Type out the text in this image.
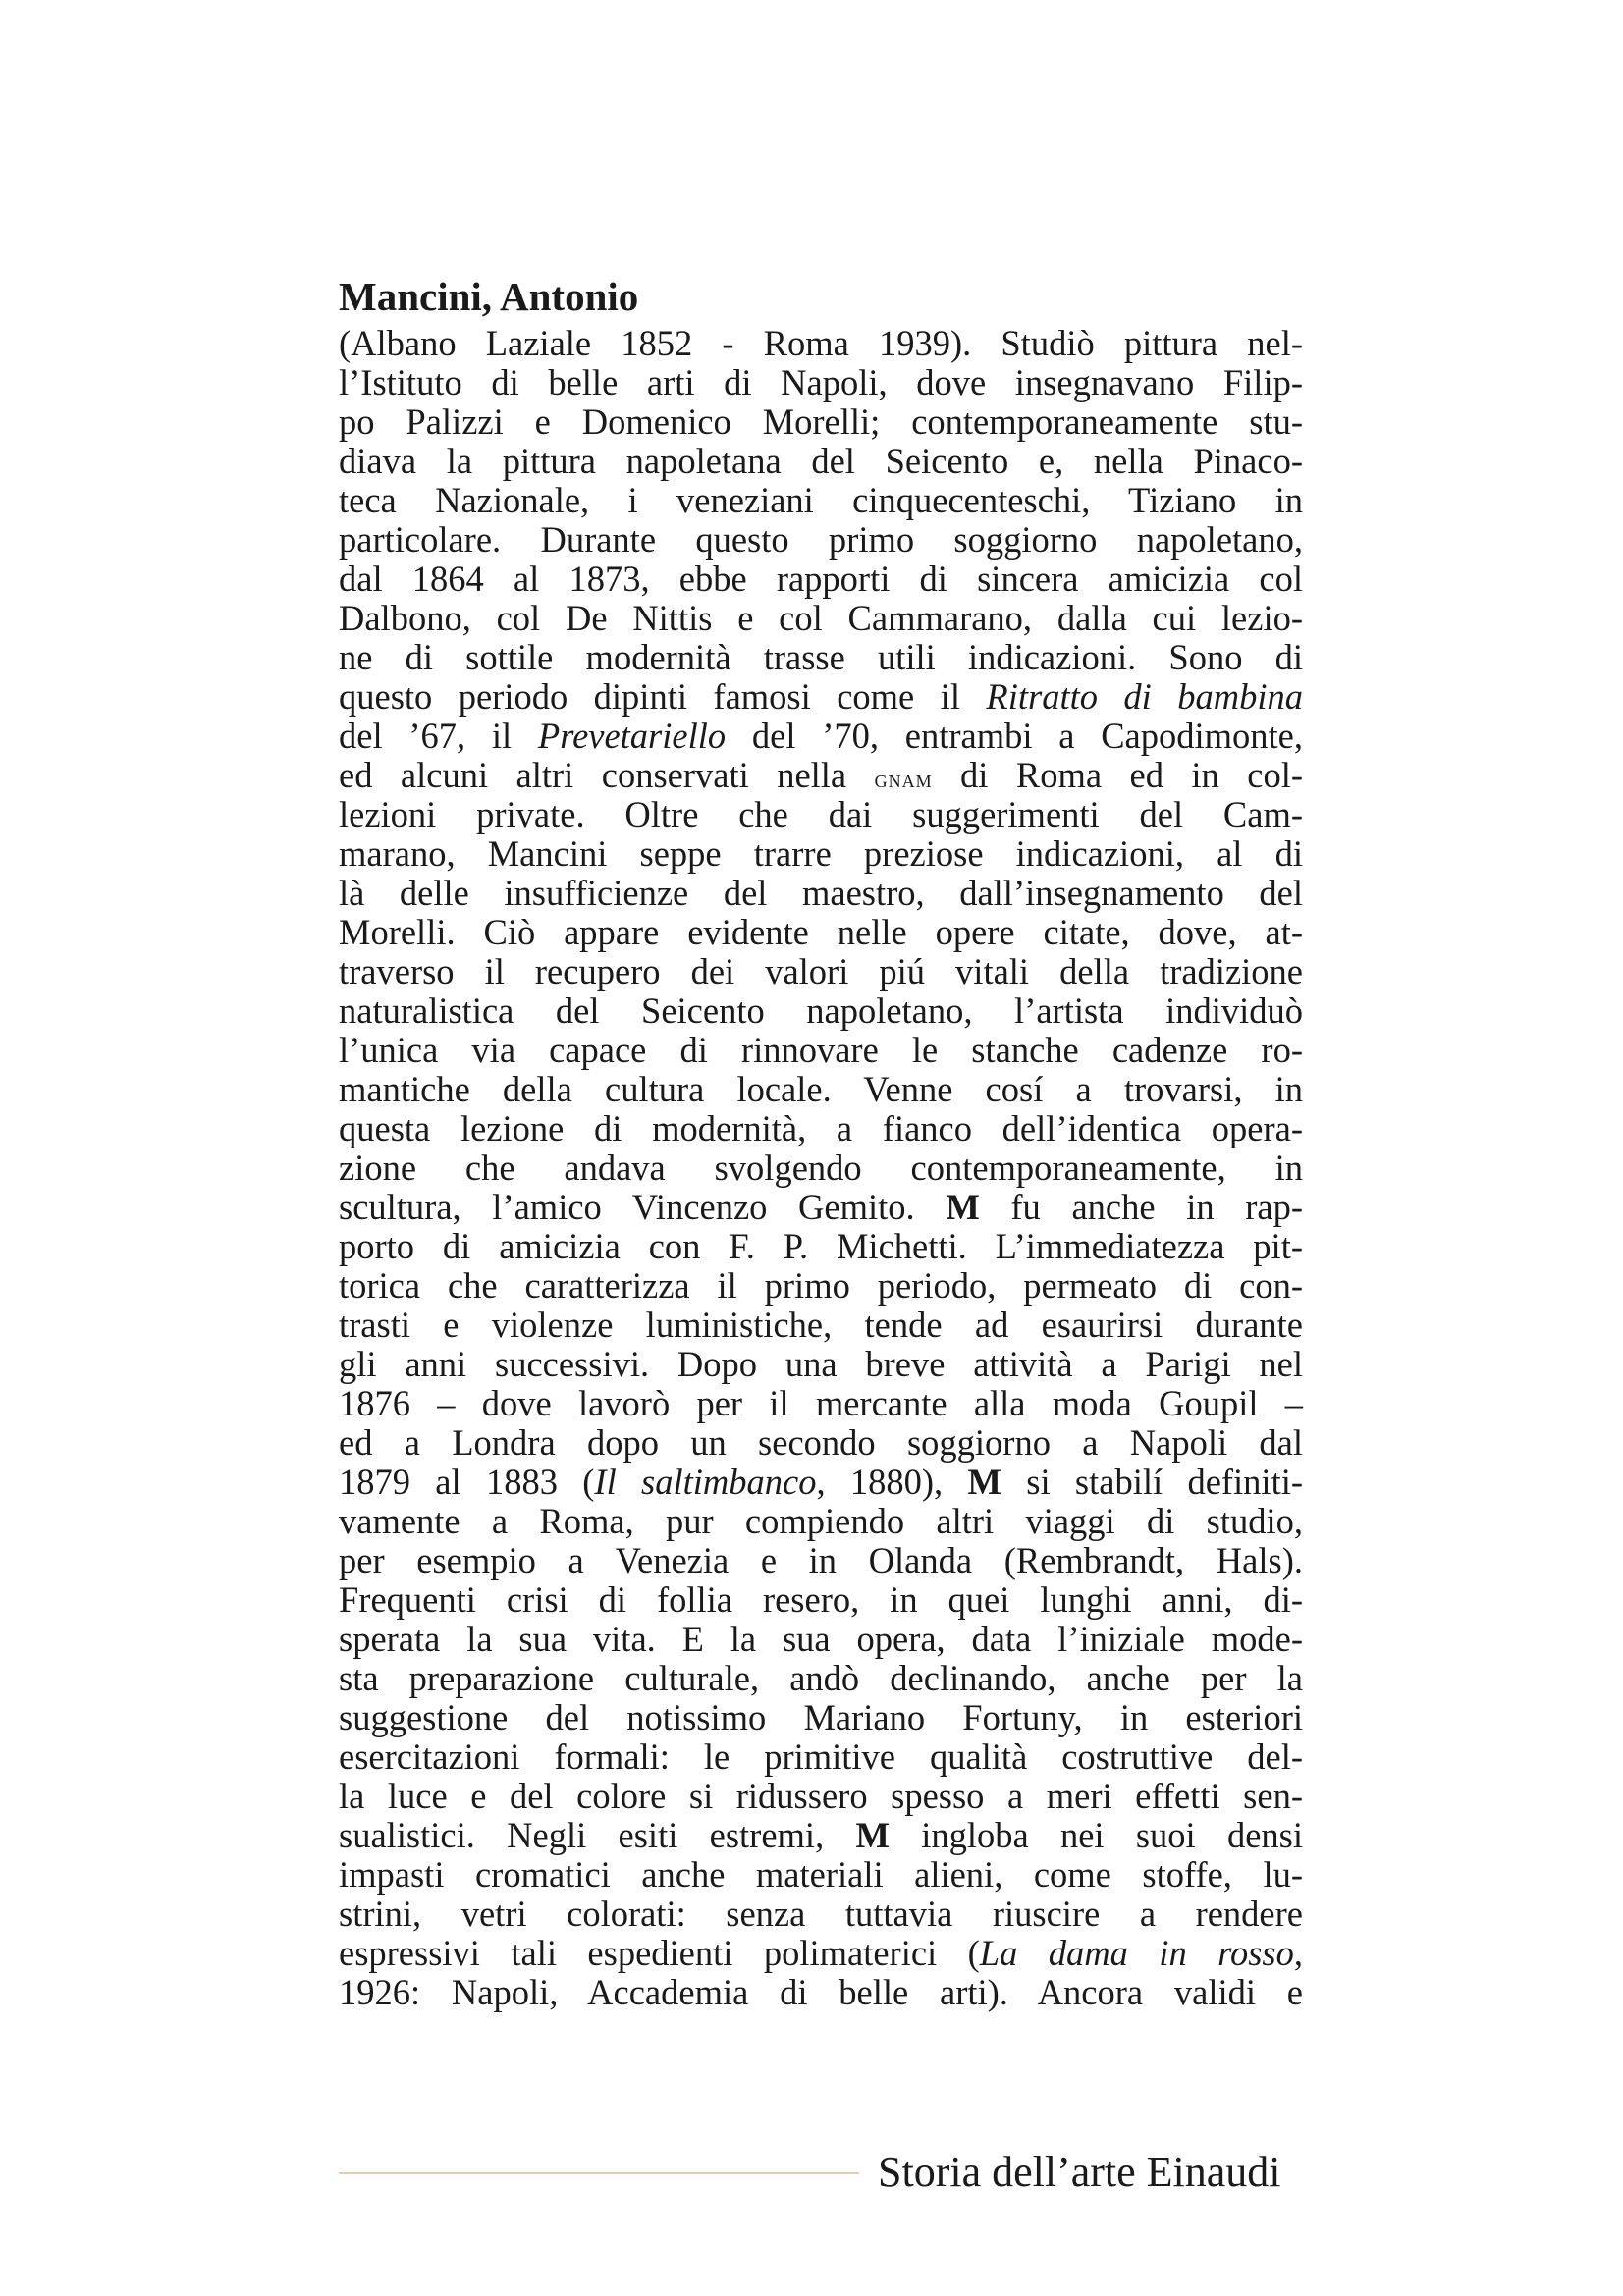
Mancini, Antonio
(Albano Laziale 1852 - Roma 1939). Studiò pittura nel-
l’Istituto di belle arti di Napoli, dove insegnavano Filip-
po Palizzi e Domenico Morelli; contemporaneamente stu-
diava la pittura napoletana del Seicento e, nella Pinaco-
teca Nazionale, i veneziani cinquecenteschi, Tiziano in
particolare. Durante questo primo soggiorno napoletano,
dal 1864 al 1873, ebbe rapporti di sincera amicizia col
Dalbono, col De Nittis e col Cammarano, dalla cui lezio-
ne di sottile modernità trasse utili indicazioni. Sono di
questo periodo dipinti famosi come il Ritratto di bambina
del ’67, il Prevetariello del ’70, entrambi a Capodimonte,
ed alcuni altri conservati nella gnam di Roma ed in col-
lezioni private. Oltre che dai suggerimenti del Cam-
marano, Mancini seppe trarre preziose indicazioni, al di
là delle insufficienze del maestro, dall’insegnamento del
Morelli. Ciò appare evidente nelle opere citate, dove, at-
traverso il recupero dei valori piú vitali della tradizione
naturalistica del Seicento napoletano, l’artista individuò
l’unica via capace di rinnovare le stanche cadenze ro-
mantiche della cultura locale. Venne cosí a trovarsi, in
questa lezione di modernità, a fianco dell’identica opera-
zione che andava svolgendo contemporaneamente, in
scultura, l’amico Vincenzo Gemito. M fu anche in rap-
porto di amicizia con F. P. Michetti. L’immediatezza pit-
torica che caratterizza il primo periodo, permeato di con-
trasti e violenze luministiche, tende ad esaurirsi durante
gli anni successivi. Dopo una breve attività a Parigi nel
1876 – dove lavorò per il mercante alla moda Goupil –
ed a Londra dopo un secondo soggiorno a Napoli dal
1879 al 1883 (Il saltimbanco, 1880), M si stabilí definiti-
vamente a Roma, pur compiendo altri viaggi di studio,
per esempio a Venezia e in Olanda (Rembrandt, Hals).
Frequenti crisi di follia resero, in quei lunghi anni, di-
sperata la sua vita. E la sua opera, data l’iniziale mode-
sta preparazione culturale, andò declinando, anche per la
suggestione del notissimo Mariano Fortuny, in esteriori
esercitazioni formali: le primitive qualità costruttive del-
la luce e del colore si ridussero spesso a meri effetti sen-
sualistici. Negli esiti estremi, M ingloba nei suoi densi
impasti cromatici anche materiali alieni, come stoffe, lu-
strini, vetri colorati: senza tuttavia riuscire a rendere
espressivi tali espedienti polimaterici (La dama in rosso,
1926: Napoli, Accademia di belle arti). Ancora validi e
Storia dell’arte Einaudi
